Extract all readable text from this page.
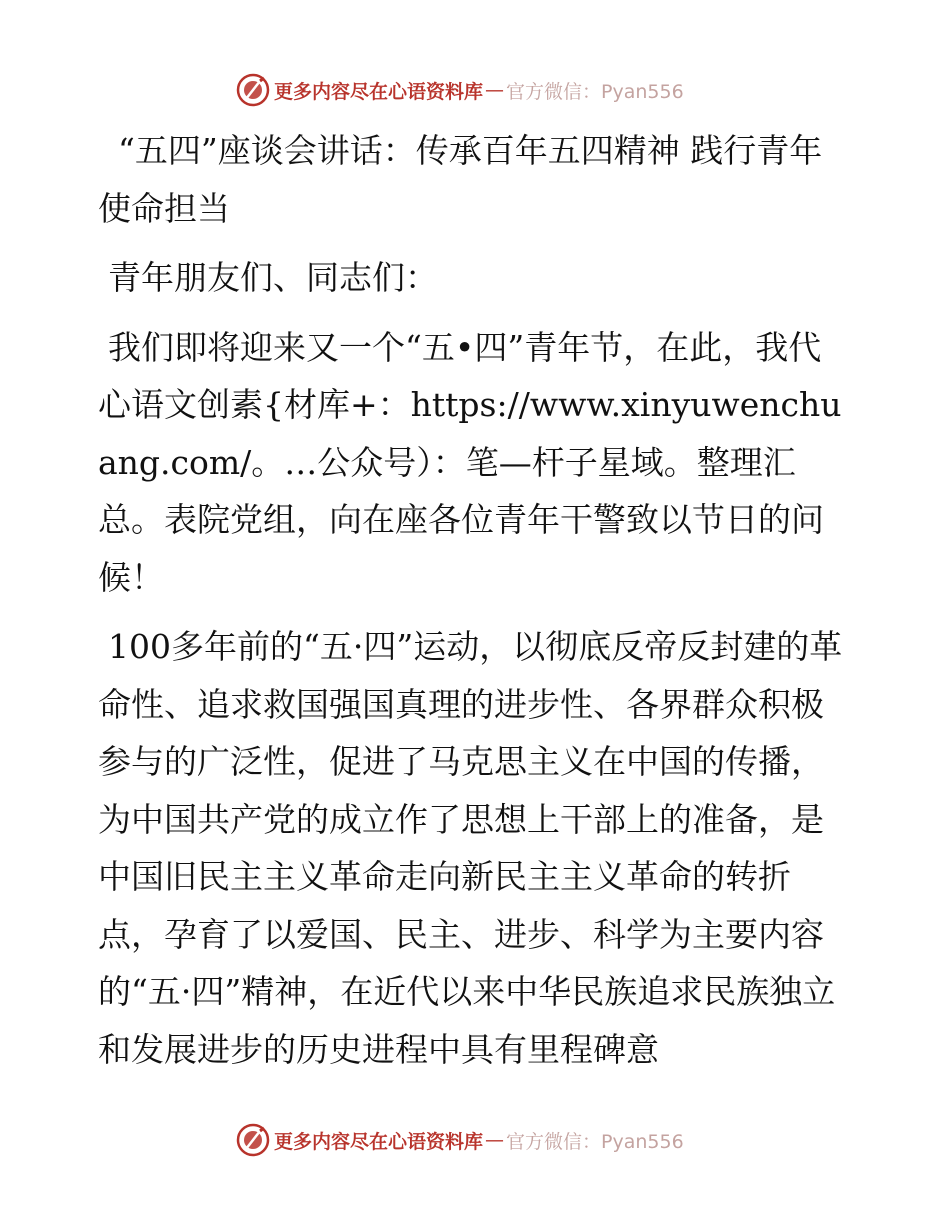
更多内容尽在心语资料库 — 官方微信：Pyan556

“五四”座谈会讲话：传承百年五四精神 践行青年使命担当

青年朋友们、同志们：

我们即将迎来又一个“五•四”青年节，在此，我代心语文创素{材库+：https://www.xinyuwenchuang.com/。…公众号）：笔—杆子星域。整理汇总。表院党组，向在座各位青年干警致以节日的问候！

100多年前的“五·四”运动，以彻底反帝反封建的革命性、追求救国强国真理的进步性、各界群众积极参与的广泛性，促进了马克思主义在中国的传播，为中国共产党的成立作了思想上干部上的准备，是中国旧民主主义革命走向新民主主义革命的转折点，孕育了以爱国、民主、进步、科学为主要内容的“五·四”精神，在近代以来中华民族追求民族独立和发展进步的历史进程中具有里程碑意

更多内容尽在心语资料库 — 官方微信：Pyan556
